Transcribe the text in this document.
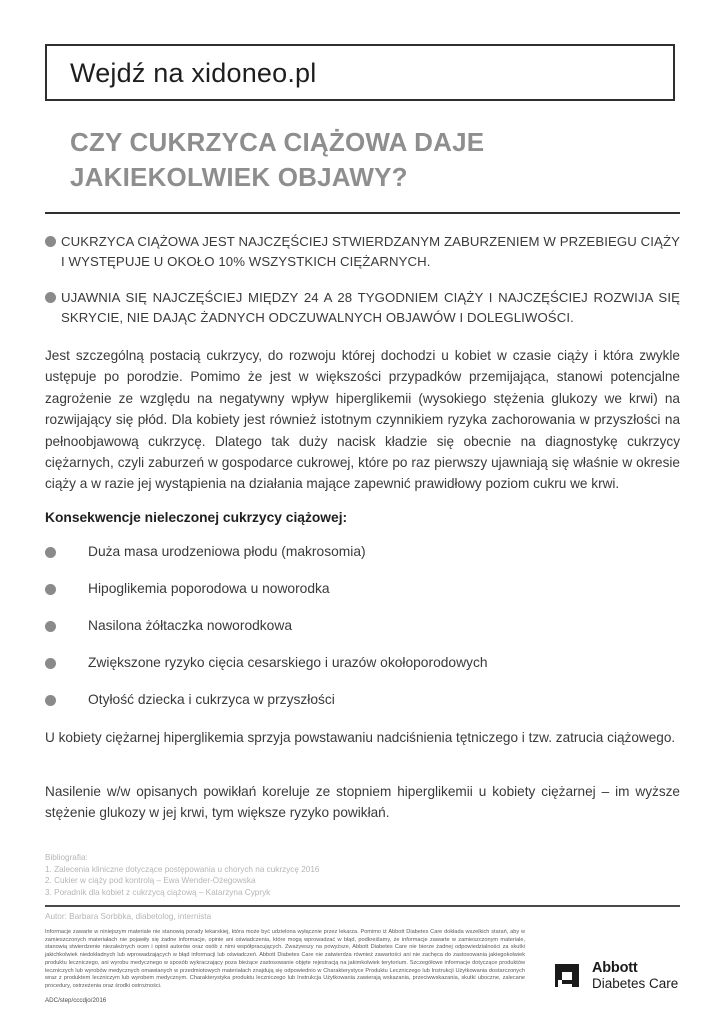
Wejdź na xidoneo.pl
CZY CUKRZYCA CIĄŻOWA DAJE
JAKIEKOLWIEK OBJAWY?
CUKRZYCA CIĄŻOWA JEST NAJCZĘŚCIEJ STWIERDZANYM ZABURZENIEM W PRZEBIEGU CIĄŻY I WYSTĘPUJE U OKOŁO 10% WSZYSTKICH CIĘŻARNYCH.
UJAWNIA SIĘ NAJCZĘŚCIEJ MIĘDZY 24 A 28 TYGODNIEM CIĄŻY I NAJCZĘŚCIEJ ROZWIJA SIĘ SKRYCIE, NIE DAJĄC ŻADNYCH ODCZUWALNYCH OBJAWÓW I DOLEGLIWOŚCI.

Jest szczególną postacią cukrzycy, do rozwoju której dochodzi u kobiet w czasie ciąży i która zwykle ustępuje po porodzie. Pomimo że jest w większości przypadków przemijająca, stanowi potencjalne zagrożenie ze względu na negatywny wpływ hiperglikemii (wysokiego stężenia glukozy we krwi) na rozwijający się płód. Dla kobiety jest również istotnym czynnikiem ryzyka zachorowania w przyszłości na pełnoobjawową cukrzycę. Dlatego tak duży nacisk kładzie się obecnie na diagnostykę cukrzycy ciężarnych, czyli zaburzeń w gospodarce cukrowej, które po raz pierwszy ujawniają się właśnie w okresie ciąży a w razie jej wystąpienia na działania mające zapewnić prawidłowy poziom cukru we krwi.

Konsekwencje nieleczonej cukrzycy ciążowej:
Duża masa urodzeniowa płodu (makrosomia)
Hipoglikemia poporodowa u noworodka
Nasilona żółtaczka noworodkowa
Zwiększone ryzyko cięcia cesarskiego i urazów okołoporodowych
Otyłość dziecka i cukrzyca w przyszłości

U kobiety ciężarnej hiperglikemia sprzyja powstawaniu nadciśnienia tętniczego i tzw. zatrucia ciążowego.

Nasilenie w/w opisanych powikłań koreluje ze stopniem hiperglikemii u kobiety ciężarnej – im wyższe stężenie glukozy w jej krwi, tym większe ryzyko powikłań.

Bibliografia:
1. Zalecenia kliniczne dotyczące postępowania u chorych na cukrzycę 2016
2. Cukier w ciąży pod kontrolą – Ewa Wender-Ożegowska
3. Poradnik dla kobiet z cukrzycą ciążową – Katarzyna Cypryk
Autor: Barbara Sorbbka, diabetolog, internista
Informacje zawarte w niniejszym materiale nie stanowią porady lekarskiej, która może być udzielona wyłącznie przez lekarza. Pomimo iż Abbott Diabetes Care dokłada wszelkich starań, aby w zamieszczonych materiałach nie pojawiły się żadne informacje, opinie ani oświadczenia, które mogą wprowadzać w błąd, podkreślamy, że informacje zawarte w zamieszczonym materiale, stanowią stwierdzenie niezależnych ocen i opinii autorów oraz osób z nimi współpracujących. Zważywszy na powyższe, Abbott Diabetes Care nie bierze żadnej odpowiedzialności za skutki jakichkolwiek niedokładnych lub wprowadzających w błąd informacji lub oświadczeń. Abbott Diabetes Care nie zatwierdza również zawartości ani nie zachęca do zastosowania jakiegokolwiek produktu leczniczego, ani wyrobu medycznego w sposób wykraczający poza bieżące zastosowanie objęte rejestracją na jakimkolwiek terytorium. Szczegółowe informacje dotyczące produktów leczniczych lub wyrobów medycznych omawianych w przedmiotowych materiałach znajdują się odpowiednio w Charakterystyce Produktu Leczniczego lub Instrukcji Użytkowania dostarczonych wraz z produktem leczniczym lub wyrobem medycznym. Charakterystyka produktu leczniczego lub Instrukcja Użytkowania zawierają wskazania, przeciwwskazania, skutki uboczne, zalecane procedury, ostrzeżenia oraz środki ostrożności.
ADC/step/cccdjo/2016
Abbott
Diabetes Care
